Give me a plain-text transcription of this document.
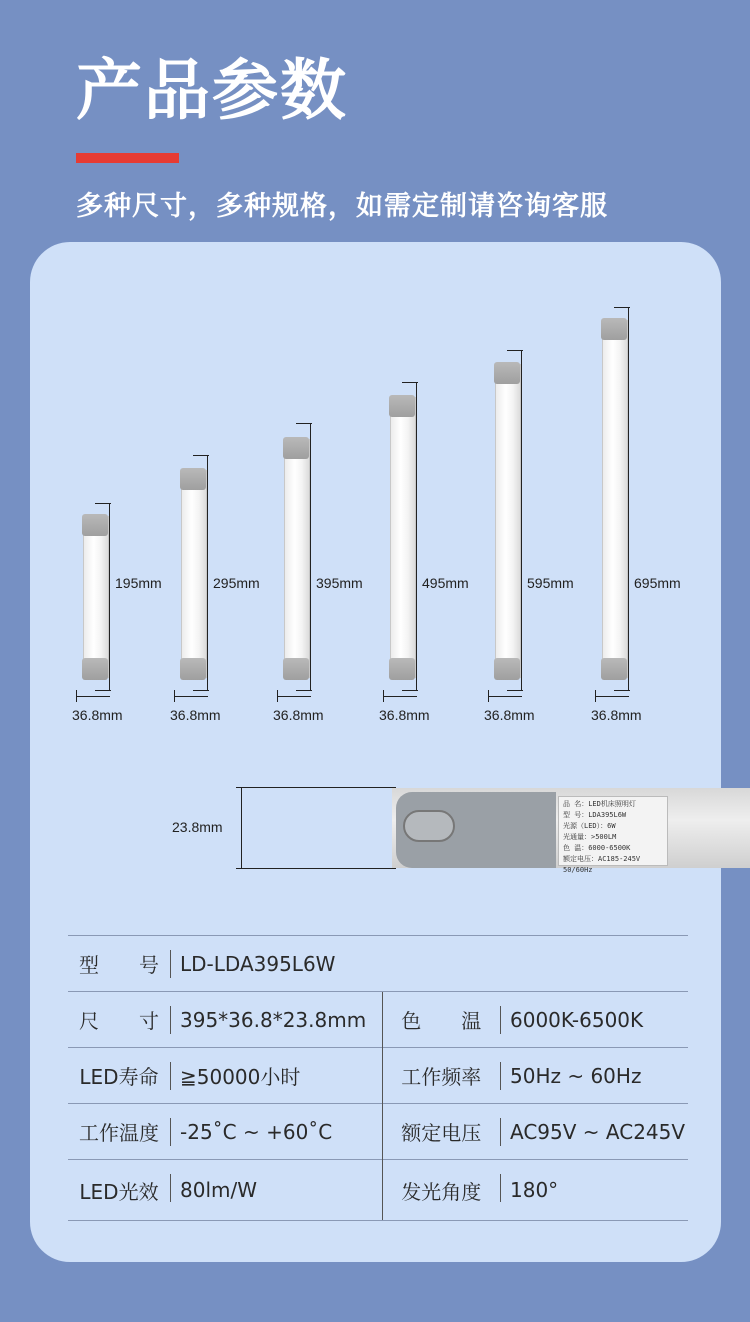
产品参数
多种尺寸，多种规格，如需定制请咨询客服
195mm
36.8mm
295mm
36.8mm
395mm
36.8mm
495mm
36.8mm
595mm
36.8mm
695mm
36.8mm
23.8mm
品 名：LED机床照明灯
型 号：LDA395L6W
光源（LED）：6W
光通量：>500LM
色 温：6000-6500K
额定电压：AC185-245V 50/60Hz
型　　号	LD-LDA395L6W		
尺　　寸	395*36.8*23.8mm	色　　温	6000K-6500K
LED寿命	≧50000小时	工作频率	50Hz ~ 60Hz
工作温度	-25˚C ~ +60˚C	额定电压	AC95V ~ AC245V
LED光效	80lm/W	发光角度	180°
